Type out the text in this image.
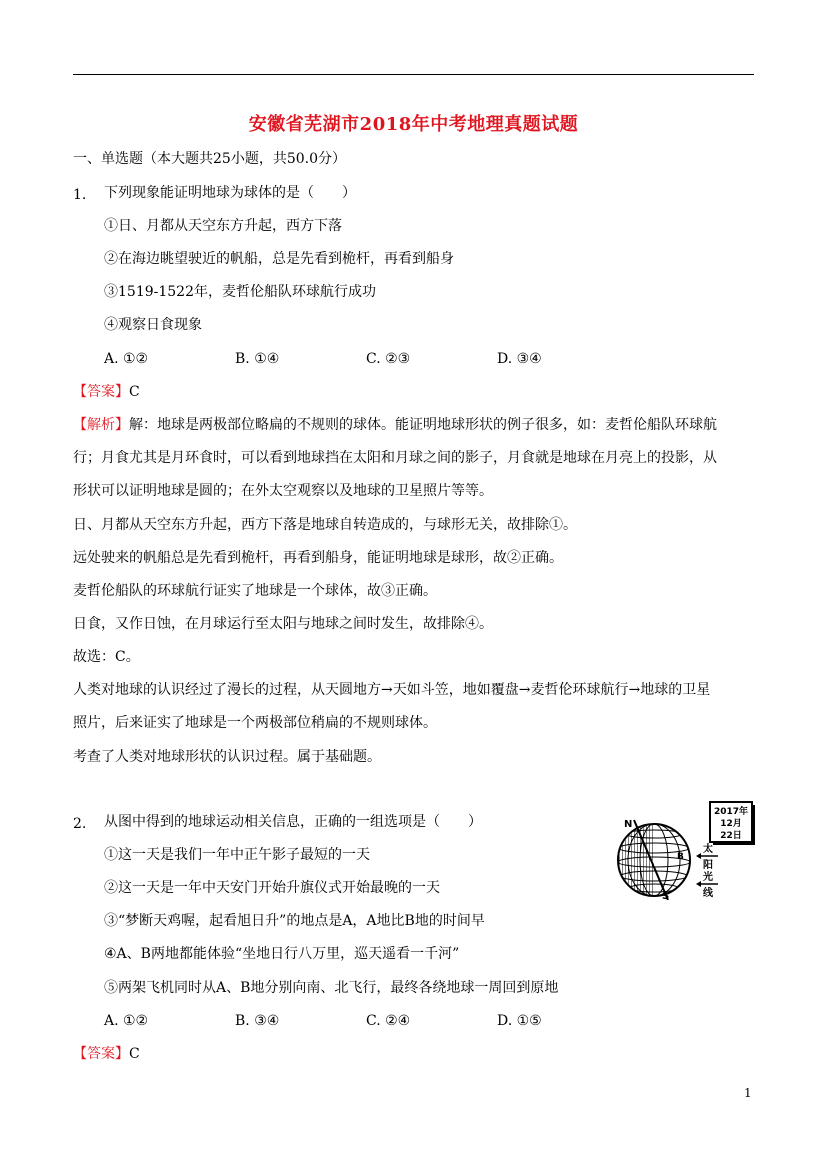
安徽省芜湖市2018年中考地理真题试题
一、单选题（本大题共25小题，共50.0分）
1. 下列现象能证明地球为球体的是（　　）
①日、月都从天空东方升起，西方下落
②在海边眺望驶近的帆船，总是先看到桅杆，再看到船身
③1519-1522年，麦哲伦船队环球航行成功
④观察日食现象
A. ①②	B. ①④	C. ②③	D. ③④
【答案】C
【解析】解：地球是两极部位略扁的不规则的球体。能证明地球形状的例子很多，如：麦哲伦船队环球航
行；月食尤其是月环食时，可以看到地球挡在太阳和月球之间的影子，月食就是地球在月亮上的投影，从
形状可以证明地球是圆的；在外太空观察以及地球的卫星照片等等。
日、月都从天空东方升起，西方下落是地球自转造成的，与球形无关，故排除①。
远处驶来的帆船总是先看到桅杆，再看到船身，能证明地球是球形，故②正确。
麦哲伦船队的环球航行证实了地球是一个球体，故③正确。
日食，又作日蚀，在月球运行至太阳与地球之间时发生，故排除④。
故选：C。
人类对地球的认识经过了漫长的过程，从天圆地方→天如斗笠，地如覆盘→麦哲伦环球航行→地球的卫星
照片，后来证实了地球是一个两极部位稍扁的不规则球体。
考查了人类对地球形状的认识过程。属于基础题。
2. 从图中得到的地球运动相关信息，正确的一组选项是（　　）
①这一天是我们一年中正午影子最短的一天
②这一天是一年中天安门开始升旗仪式开始最晚的一天
③“梦断天鸡喔，起看旭日升”的地点是A，A地比B地的时间早
④A、B两地都能体验“坐地日行八万里，巡天遥看一千河”
⑤两架飞机同时从A、B地分别向南、北飞行，最终各绕地球一周回到原地
A. ①②	B. ③④	C. ②④	D. ①⑤
【答案】C
N
S
A
B
2017年
12月
22日
太
阳
光
线
1
